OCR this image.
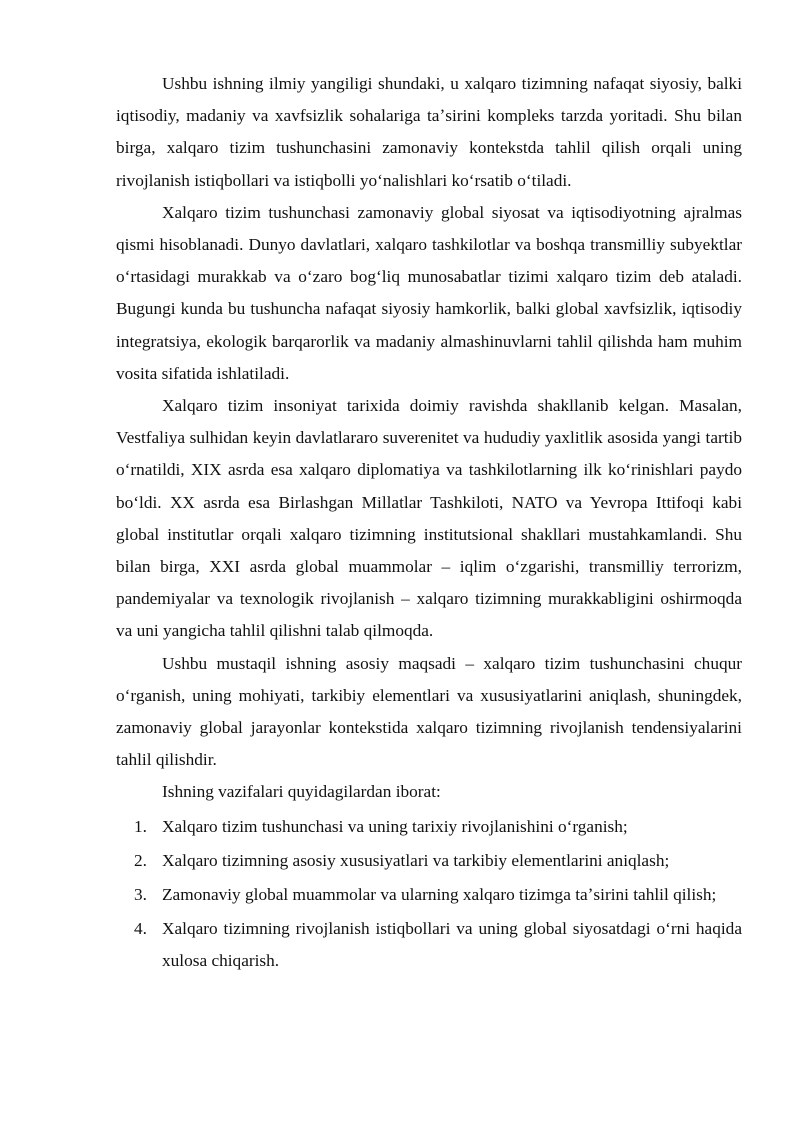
Ushbu ishning ilmiy yangiligi shundaki, u xalqaro tizimning nafaqat siyosiy, balki iqtisodiy, madaniy va xavfsizlik sohalariga taʼsirini kompleks tarzda yoritadi. Shu bilan birga, xalqaro tizim tushunchasini zamonaviy kontekstda tahlil qilish orqali uning rivojlanish istiqbollari va istiqbolli yoʻnalishlari koʻrsatib oʻtiladi.

Xalqaro tizim tushunchasi zamonaviy global siyosat va iqtisodiyotning ajralmas qismi hisoblanadi. Dunyo davlatlari, xalqaro tashkilotlar va boshqa transmilliy subyektlar oʻrtasidagi murakkab va oʻzaro bogʻliq munosabatlar tizimi xalqaro tizim deb ataladi. Bugungi kunda bu tushuncha nafaqat siyosiy hamkorlik, balki global xavfsizlik, iqtisodiy integratsiya, ekologik barqarorlik va madaniy almashinuvlarni tahlil qilishda ham muhim vosita sifatida ishlatiladi.

Xalqaro tizim insoniyat tarixida doimiy ravishda shakllanib kelgan. Masalan, Vestfaliya sulhidan keyin davlatlararo suverenitet va hududiy yaxlitlik asosida yangi tartib oʻrnatildi, XIX asrda esa xalqaro diplomatiya va tashkilotlarning ilk koʻrinishlari paydo boʻldi. XX asrda esa Birlashgan Millatlar Tashkiloti, NATO va Yevropa Ittifoqi kabi global institutlar orqali xalqaro tizimning institutsional shakllari mustahkamlandi. Shu bilan birga, XXI asrda global muammolar – iqlim oʻzgarishi, transmilliy terrorizm, pandemiyalar va texnologik rivojlanish – xalqaro tizimning murakkabligini oshirmoqda va uni yangicha tahlil qilishni talab qilmoqda.

Ushbu mustaqil ishning asosiy maqsadi – xalqaro tizim tushunchasini chuqur oʻrganish, uning mohiyati, tarkibiy elementlari va xususiyatlarini aniqlash, shuningdek, zamonaviy global jarayonlar kontekstida xalqaro tizimning rivojlanish tendensiyalarini tahlil qilishdir.

Ishning vazifalari quyidagilardan iborat:

1. Xalqaro tizim tushunchasi va uning tarixiy rivojlanishini oʻrganish;
2. Xalqaro tizimning asosiy xususiyatlari va tarkibiy elementlarini aniqlash;
3. Zamonaviy global muammolar va ularning xalqaro tizimga taʼsirini tahlil qilish;
4. Xalqaro tizimning rivojlanish istiqbollari va uning global siyosatdagi oʻrni haqida xulosa chiqarish.
